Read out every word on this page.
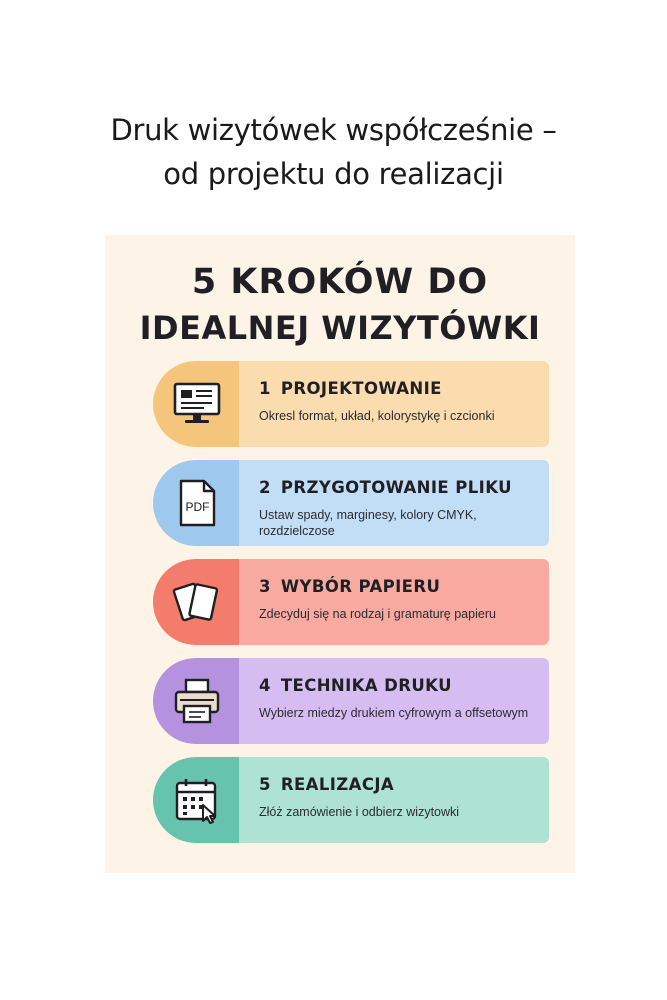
Druk wizytówek współcześnie –
od projektu do realizacji
5 KROKÓW DO
IDEALNEJ WIZYTÓWKI
1 PROJEKTOWANIE
Okresl format, układ, kolorystykę i czcionki
PDF
2 PRZYGOTOWANIE PLIKU
Ustaw spady, marginesy, kolory CMYK, rozdzielczose
3 WYBÓR PAPIERU
Zdecyduj się na rodzaj i gramaturę papieru
4 TECHNIKA DRUKU
Wybierz miedzy drukiem cyfrowym a offsetowym
5 REALIZACJA
Złóż zamówienie i odbierz wizytowki
